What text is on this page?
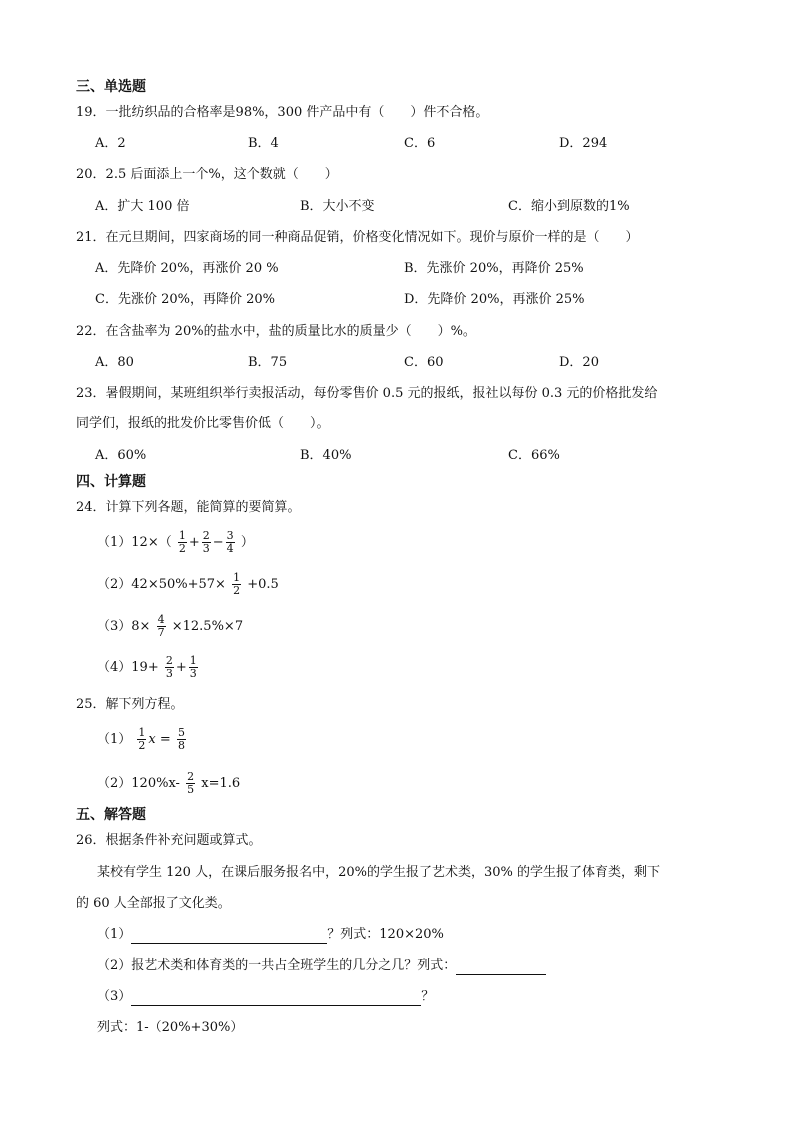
三、单选题
19．一批纺织品的合格率是98%，300 件产品中有（　　）件不合格。
A．2	B．4	C．6	D．294
20．2.5 后面添上一个%，这个数就（　　）
A．扩大 100 倍	B．大小不变	C．缩小到原数的1%
21．在元旦期间，四家商场的同一种商品促销，价格变化情况如下。现价与原价一样的是（　　）
A．先降价 20%，再涨价 20 %	B．先涨价 20%，再降价 25%
C．先涨价 20%，再降价 20%	D．先降价 20%，再涨价 25%
22．在含盐率为 20%的盐水中，盐的质量比水的质量少（　　）%。
A．80	B．75	C．60	D．20
23．暑假期间，某班组织举行卖报活动，每份零售价 0.5 元的报纸，报社以每份 0.3 元的价格批发给
同学们，报纸的批发价比零售价低（　　）。
A．60%	B．40%	C．66%
四、计算题
24．计算下列各题，能简算的要简算。
$(1)12\times( \frac{1}{2} + \frac{2}{3} - \frac{3}{4}$ ）
$(2)42\times 50\%+57\times \frac{1}{2} +0.5$
$(3)8\times \frac{4}{7} \times 12.5\%\times 7$
$(4)19+ \frac{2}{3} + \frac{1}{3}$
25．解下列方程。
$(1) \frac{1}{2}$ $x = \frac{5}{8}$
$(2)120\%x- \frac{2}{5} x=1.6$
五、解答题
26．根据条件补充问题或算式。
某校有学生 120 人，在课后服务报名中，20%的学生报了艺术类，30% 的学生报了体育类，剩下
的 60 人全部报了文化类。
（1）	？列式：120×20%
（2）报艺术类和体育类的一共占全班学生的几分之几？列式：
（3）	？
列式：1-（20%+30%）
